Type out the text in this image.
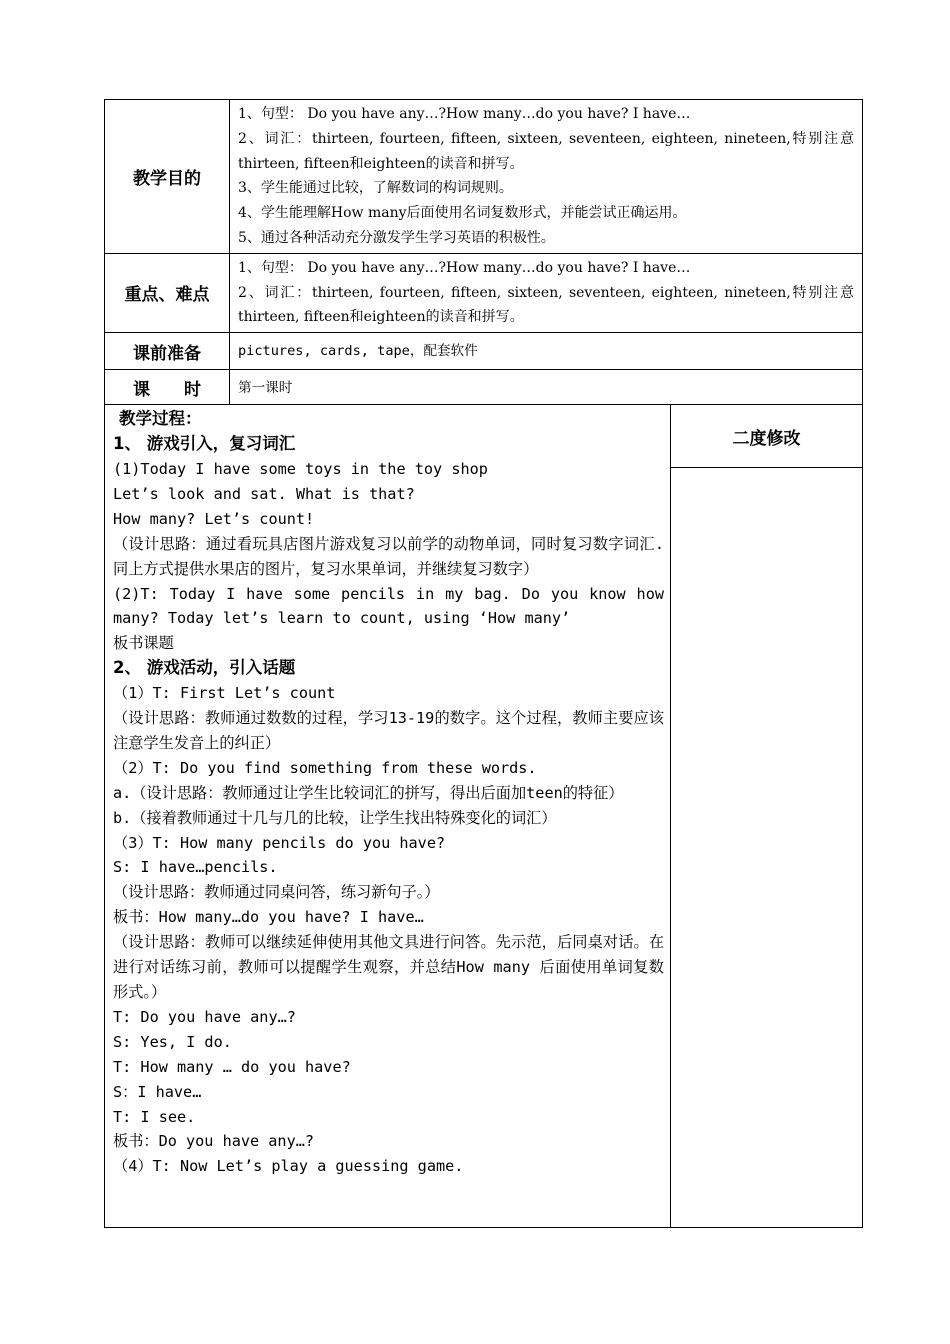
教学目的	1、句型： Do you have any…?How many…do you have? I have…
2、词汇：thirteen, fourteen, fifteen, sixteen, seventeen, eighteen, nineteen,特别注意thirteen, fifteen和eighteen的读音和拼写。
3、学生能通过比较，了解数词的构词规则。
4、学生能理解How many后面使用名词复数形式，并能尝试正确运用。
5、通过各种活动充分激发学生学习英语的积极性。

重点、难点	1、句型： Do you have any…?How many…do you have? I have…
2、词汇：thirteen, fourteen, fifteen, sixteen, seventeen, eighteen, nineteen,特别注意thirteen, fifteen和eighteen的读音和拼写。

课前准备	pictures, cards, tape，配套软件
课　　时	第一课时
教学过程：
1、 游戏引入，复习词汇
(1)Today I have some toys in the toy shop
Let’s look and sat. What is that?
How many? Let’s count!
（设计思路：通过看玩具店图片游戏复习以前学的动物单词，同时复习数字词汇.同上方式提供水果店的图片，复习水果单词，并继续复习数字）
(2)T: Today I have some pencils in my bag. Do you know how many? Today let’s learn to count, using ‘How many’
板书课题
2、 游戏活动，引入话题
（1）T: First Let’s count
（设计思路：教师通过数数的过程，学习13-19的数字。这个过程，教师主要应该注意学生发音上的纠正）
（2）T: Do you find something from these words.
a.（设计思路：教师通过让学生比较词汇的拼写，得出后面加teen的特征）
b.（接着教师通过十几与几的比较，让学生找出特殊变化的词汇）
（3）T: How many pencils do you have?
S: I have…pencils.
（设计思路：教师通过同桌问答，练习新句子。）
板书：How many…do you have? I have…
（设计思路：教师可以继续延伸使用其他文具进行问答。先示范，后同桌对话。在进行对话练习前，教师可以提醒学生观察，并总结How many 后面使用单词复数形式。）
T: Do you have any…?
S: Yes, I do.
T: How many … do you have?
S：I have…
T: I see.
板书：Do you have any…?
（4）T: Now Let’s play a guessing game.

二度修改
